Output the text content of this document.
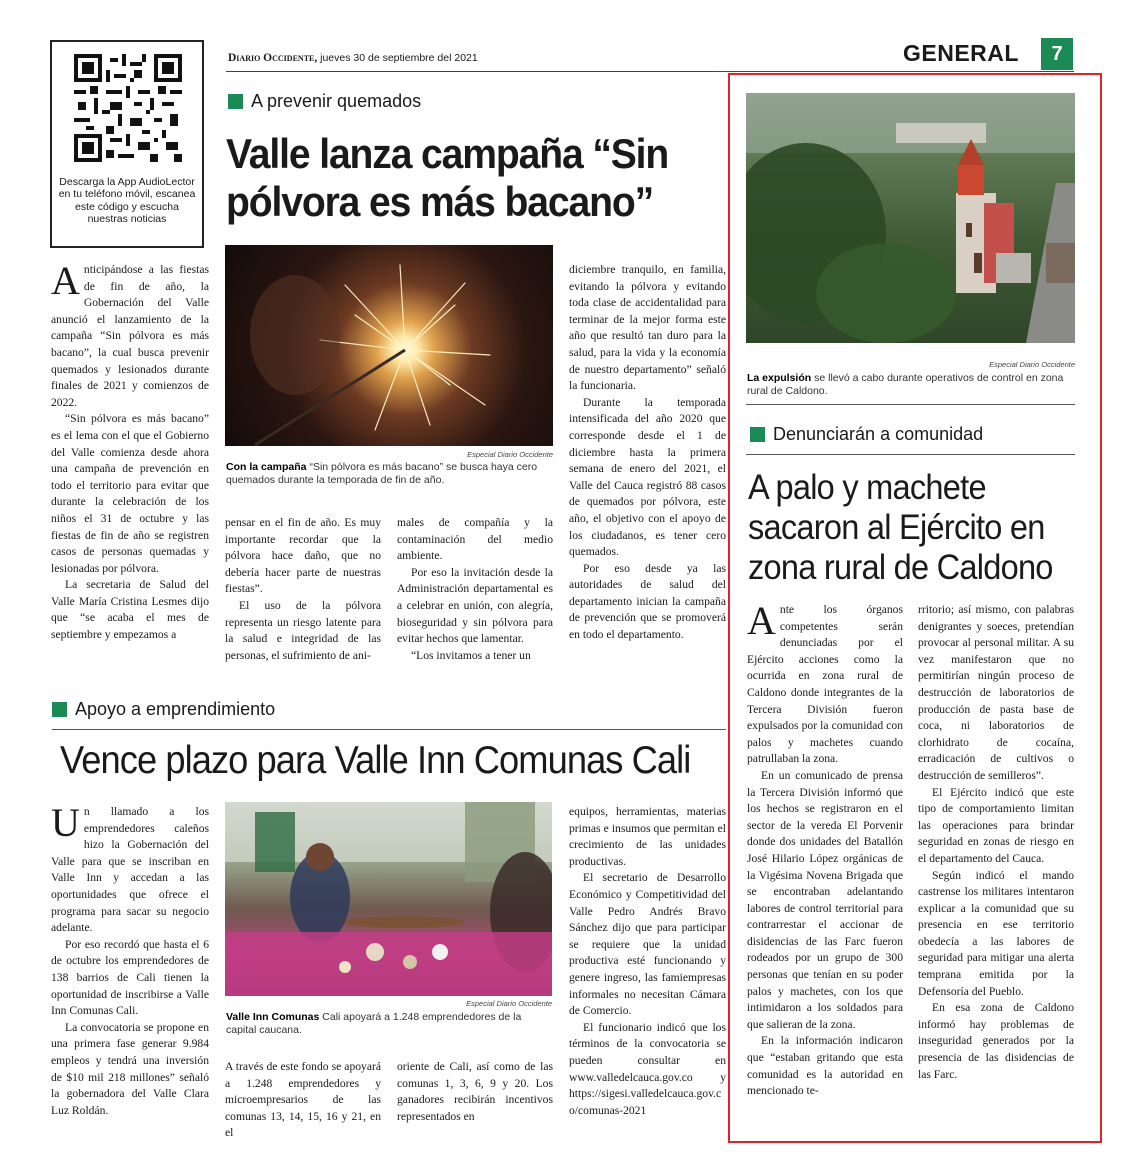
Diario Occidente, jueves 30 de septiembre del 2021	GENERAL 7
Descarga la App AudioLector en tu teléfono móvil, escanea este código y escucha nuestras noticias
A prevenir quemados
Valle lanza campaña “Sin pólvora es más bacano”
Especial Diario Occidente
Con la campaña “Sin pólvora es más bacano” se busca haya cero quemados durante la temporada de fin de año.

Anticipándose a las fiestas de fin de año, la Gobernación del Valle anunció el lanzamiento de la campaña “Sin pólvora es más bacano”, la cual busca prevenir quemados y lesionados durante finales de 2021 y comienzos de 2022.

“Sin pólvora es más bacano” es el lema con el que el Gobierno del Valle comienza desde ahora una campaña de prevención en todo el territorio para evitar que durante la celebración de los niños el 31 de octubre y las fiestas de fin de año se registren casos de personas quemadas y lesionadas por pólvora.

La secretaria de Salud del Valle María Cristina Lesmes dijo que “se acaba el mes de septiembre y empezamos a

pensar en el fin de año. Es muy importante recordar que la pólvora hace daño, que no debería hacer parte de nuestras fiestas”.

El uso de la pólvora representa un riesgo latente para la salud e integridad de las personas, el sufrimiento de ani-

males de compañía y la contaminación del medio ambiente.

Por eso la invitación desde la Administración departamental es a celebrar en unión, con alegría, bioseguridad y sin pólvora para evitar hechos que lamentar.

“Los invitamos a tener un

diciembre tranquilo, en familia, evitando la pólvora y evitando toda clase de accidentalidad para terminar de la mejor forma este año que resultó tan duro para la salud, para la vida y la economía de nuestro departamento” señaló la funcionaria.

Durante la temporada intensificada del año 2020 que corresponde desde el 1 de diciembre hasta la primera semana de enero del 2021, el Valle del Cauca registró 88 casos de quemados por pólvora, este año, el objetivo con el apoyo de los ciudadanos, es tener cero quemados.

Por eso desde ya las autoridades de salud del departamento inician la campaña de prevención que se promoverá en todo el departamento.

Apoyo a emprendimiento
Vence plazo para Valle Inn Comunas Cali
Especial Diario Occidente
Valle Inn Comunas Cali apoyará a 1.248 emprendedores de la capital caucana.

Un llamado a los emprendedores caleños hizo la Gobernación del Valle para que se inscriban en Valle Inn y accedan a las oportunidades que ofrece el programa para sacar su negocio adelante.

Por eso recordó que hasta el 6 de octubre los emprendedores de 138 barrios de Cali tienen la oportunidad de inscribirse a Valle Inn Comunas Cali.

La convocatoria se propone en una primera fase generar 9.984 empleos y tendrá una inversión de $10 mil 218 millones” señaló la gobernadora del Valle Clara Luz Roldán.

A través de este fondo se apoyará a 1.248 emprendedores y microempresarios de las comunas 13, 14, 15, 16 y 21, en el

oriente de Cali, así como de las comunas 1, 3, 6, 9 y 20. Los ganadores recibirán incentivos representados en

equipos, herramientas, materias primas e insumos que permitan el crecimiento de las unidades productivas.

El secretario de Desarrollo Económico y Competitividad del Valle Pedro Andrés Bravo Sánchez dijo que para participar se requiere que la unidad productiva esté funcionando y genere ingreso, las famiempresas informales no necesitan Cámara de Comercio.

El funcionario indicó que los términos de la convocatoria se pueden consultar en www.valledelcauca.gov.co y https://sigesi.valledelcauca.gov.co/comunas-2021

Especial Diario Occidente
La expulsión se llevó a cabo durante operativos de control en zona rural de Caldono.
Denunciarán a comunidad
A palo y machete sacaron al Ejército en zona rural de Caldono

Ante los órganos competentes serán denunciadas por el Ejército acciones como la ocurrida en zona rural de Caldono donde integrantes de la Tercera División fueron expulsados por la comunidad con palos y machetes cuando patrullaban la zona.

En un comunicado de prensa la Tercera División informó que los hechos se registraron en el sector de la vereda El Porvenir donde dos unidades del Batallón José Hilario López orgánicas de la Vigésima Novena Brigada que se encontraban adelantando labores de control territorial para contrarrestar el accionar de disidencias de las Farc fueron rodeados por un grupo de 300 personas que tenían en su poder palos y machetes, con los que intimidaron a los soldados para que salieran de la zona.

En la información indicaron que “estaban gritando que esta comunidad es la autoridad en mencionado te-

rritorio; así mismo, con palabras denigrantes y soeces, pretendían provocar al personal militar. A su vez manifestaron que no permitirían ningún proceso de destrucción de laboratorios de producción de pasta base de coca, ni laboratorios de clorhidrato de cocaína, erradicación de cultivos o destrucción de semilleros”.

El Ejército indicó que este tipo de comportamiento limitan las operaciones para brindar seguridad en zonas de riesgo en el departamento del Cauca.

Según indicó el mando castrense los militares intentaron explicar a la comunidad que su presencia en ese territorio obedecía a las labores de seguridad para mitigar una alerta temprana emitida por la Defensoría del Pueblo.

En esa zona de Caldono informó hay problemas de inseguridad generados por la presencia de las disidencias de las Farc.
